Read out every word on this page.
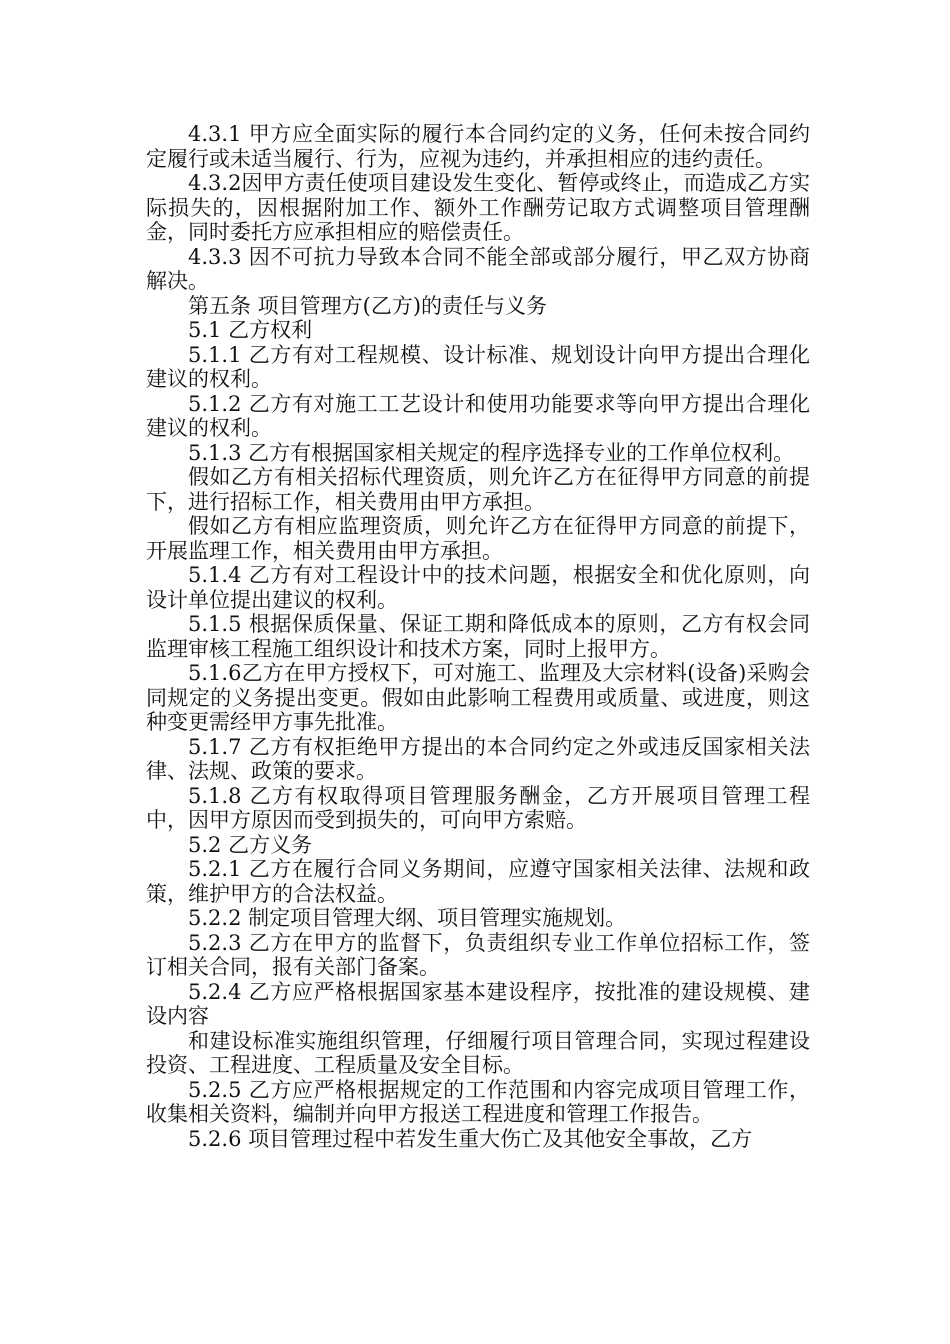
4.3.1 甲方应全面实际的履行本合同约定的义务，任何未按合同约定履行或未适当履行、行为，应视为违约，并承担相应的违约责任。

4.3.2因甲方责任使项目建设发生变化、暂停或终止，而造成乙方实际损失的，因根据附加工作、额外工作酬劳记取方式调整项目管理酬金，同时委托方应承担相应的赔偿责任。

4.3.3 因不可抗力导致本合同不能全部或部分履行，甲乙双方协商解决。

第五条 项目管理方(乙方)的责任与义务

5.1 乙方权利

5.1.1 乙方有对工程规模、设计标准、规划设计向甲方提出合理化建议的权利。

5.1.2 乙方有对施工工艺设计和使用功能要求等向甲方提出合理化建议的权利。

5.1.3 乙方有根据国家相关规定的程序选择专业的工作单位权利。

假如乙方有相关招标代理资质，则允许乙方在征得甲方同意的前提下，进行招标工作，相关费用由甲方承担。

假如乙方有相应监理资质，则允许乙方在征得甲方同意的前提下，开展监理工作，相关费用由甲方承担。

5.1.4 乙方有对工程设计中的技术问题，根据安全和优化原则，向设计单位提出建议的权利。

5.1.5 根据保质保量、保证工期和降低成本的原则，乙方有权会同监理审核工程施工组织设计和技术方案，同时上报甲方。

5.1.6乙方在甲方授权下，可对施工、监理及大宗材料(设备)采购会同规定的义务提出变更。假如由此影响工程费用或质量、或进度，则这种变更需经甲方事先批准。

5.1.7 乙方有权拒绝甲方提出的本合同约定之外或违反国家相关法律、法规、政策的要求。

5.1.8 乙方有权取得项目管理服务酬金，乙方开展项目管理工程中，因甲方原因而受到损失的，可向甲方索赔。

5.2 乙方义务

5.2.1 乙方在履行合同义务期间，应遵守国家相关法律、法规和政策，维护甲方的合法权益。

5.2.2 制定项目管理大纲、项目管理实施规划。

5.2.3 乙方在甲方的监督下，负责组织专业工作单位招标工作，签订相关合同，报有关部门备案。

5.2.4 乙方应严格根据国家基本建设程序，按批准的建设规模、建设内容

和建设标准实施组织管理，仔细履行项目管理合同，实现过程建设投资、工程进度、工程质量及安全目标。

5.2.5 乙方应严格根据规定的工作范围和内容完成项目管理工作，收集相关资料，编制并向甲方报送工程进度和管理工作报告。

5.2.6 项目管理过程中若发生重大伤亡及其他安全事故，乙方
